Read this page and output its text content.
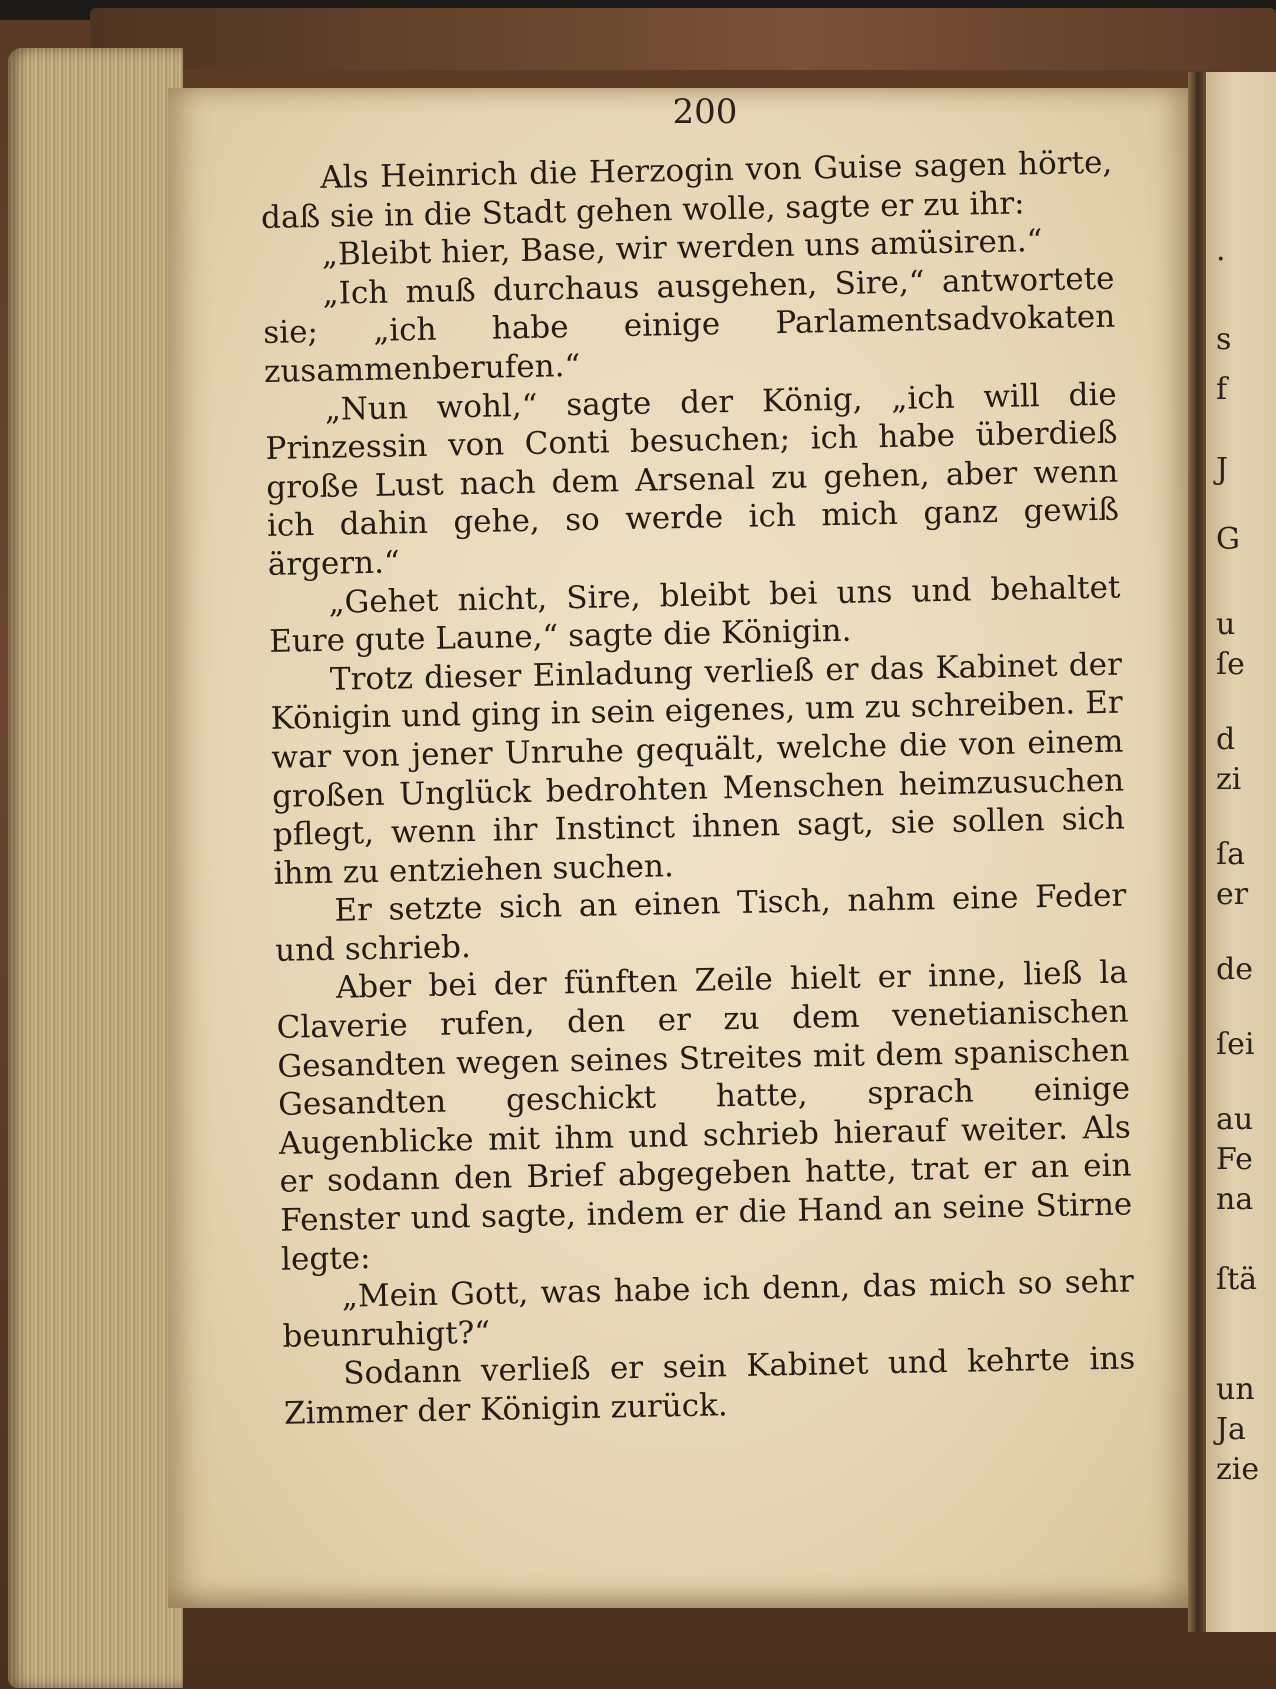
·
s
f
J
G
u
ſe
d
zi
ſa
er
de
ſei
au
Fe
na
ſtä
un
Ja
zie
200

Als Heinrich die Herzogin von Guise sagen hörte, daß sie in die Stadt gehen wolle, sagte er zu ihr:

„Bleibt hier, Base, wir werden uns amüsiren.“

„Ich muß durchaus ausgehen, Sire,“ antwortete sie; „ich habe einige Parlamentsadvokaten zusammenberufen.“

„Nun wohl,“ sagte der König, „ich will die Prinzessin von Conti besuchen; ich habe überdieß große Lust nach dem Arsenal zu gehen, aber wenn ich dahin gehe, so werde ich mich ganz gewiß ärgern.“

„Gehet nicht, Sire, bleibt bei uns und behaltet Eure gute Laune,“ sagte die Königin.

Trotz dieser Einladung verließ er das Kabinet der Königin und ging in sein eigenes, um zu schreiben. Er war von jener Unruhe gequält, welche die von einem großen Unglück bedrohten Menschen heimzusuchen pflegt, wenn ihr Instinct ihnen sagt, sie sollen sich ihm zu entziehen suchen.

Er setzte sich an einen Tisch, nahm eine Feder und schrieb.

Aber bei der fünften Zeile hielt er inne, ließ la Claverie rufen, den er zu dem venetianischen Gesandten wegen seines Streites mit dem spanischen Gesandten geschickt hatte, sprach einige Augenblicke mit ihm und schrieb hierauf weiter. Als er sodann den Brief abgegeben hatte, trat er an ein Fenster und sagte, indem er die Hand an seine Stirne legte:

„Mein Gott, was habe ich denn, das mich so sehr beunruhigt?“

Sodann verließ er sein Kabinet und kehrte ins Zimmer der Königin zurück.
